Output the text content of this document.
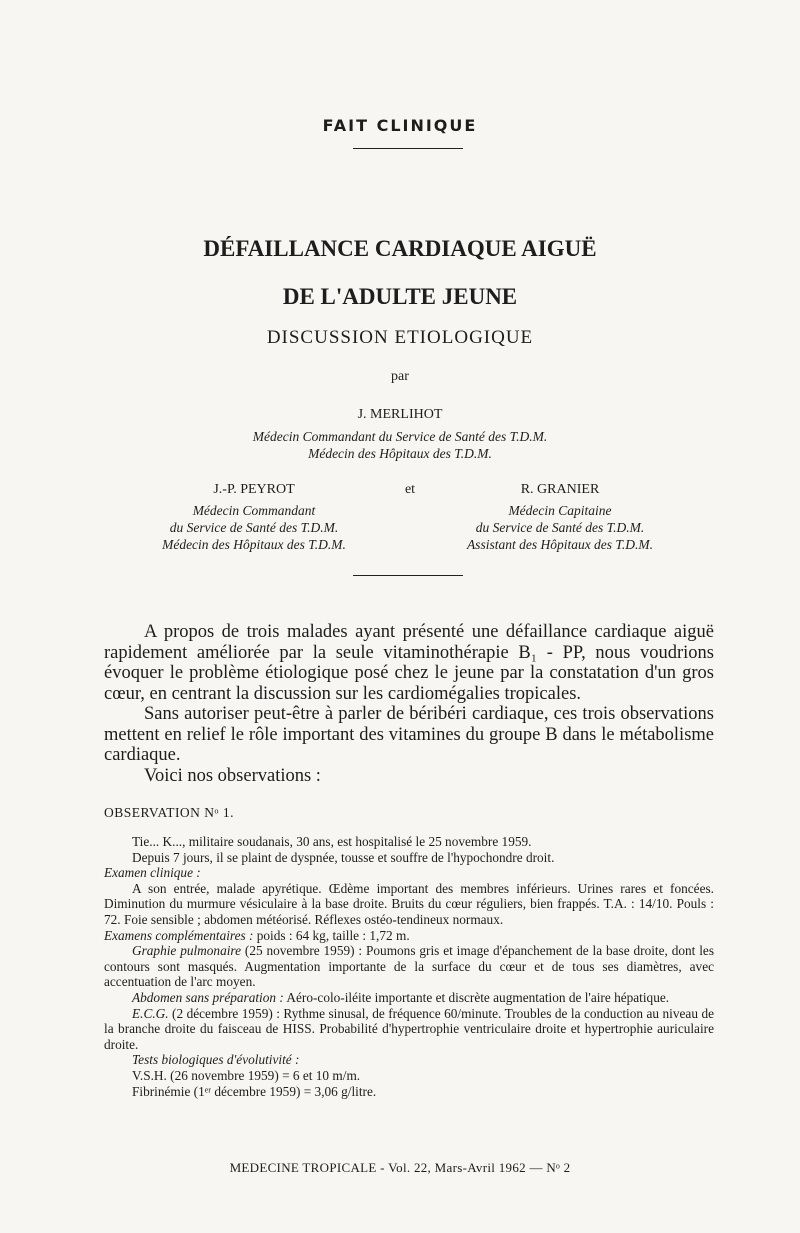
FAIT CLINIQUE
DÉFAILLANCE CARDIAQUE AIGUË
DE L'ADULTE JEUNE
DISCUSSION ETIOLOGIQUE
par
J. MERLIHOT
Médecin Commandant du Service de Santé des T.D.M.
Médecin des Hôpitaux des T.D.M.
J.-P. PEYROT
Médecin Commandant
du Service de Santé des T.D.M.
Médecin des Hôpitaux des T.D.M.
et	R. GRANIER
Médecin Capitaine
du Service de Santé des T.D.M.
Assistant des Hôpitaux des T.D.M.

A propos de trois malades ayant présenté une défaillance cardiaque aiguë rapidement améliorée par la seule vitaminothérapie B₁ - PP, nous voudrions évoquer le problème étiologique posé chez le jeune par la constatation d'un gros cœur, en centrant la discussion sur les cardiomégalies tropicales.

Sans autoriser peut-être à parler de béribéri cardiaque, ces trois observations mettent en relief le rôle important des vitamines du groupe B dans le métabolisme cardiaque.

Voici nos observations :

OBSERVATION Nᵒ 1.

Tie... K..., militaire soudanais, 30 ans, est hospitalisé le 25 novembre 1959.

Depuis 7 jours, il se plaint de dyspnée, tousse et souffre de l'hypochondre droit.

Examen clinique :

A son entrée, malade apyrétique. Œdème important des membres inférieurs. Urines rares et foncées. Diminution du murmure vésiculaire à la base droite. Bruits du cœur réguliers, bien frappés. T.A. : 14/10. Pouls : 72. Foie sensible ; abdomen météorisé. Réflexes ostéo-tendineux normaux.

Examens complémentaires : poids : 64 kg, taille : 1,72 m.

Graphie pulmonaire (25 novembre 1959) : Poumons gris et image d'épanchement de la base droite, dont les contours sont masqués. Augmentation importante de la surface du cœur et de tous ses diamètres, avec accentuation de l'arc moyen.

Abdomen sans préparation : Aéro-colo-iléite importante et discrète augmentation de l'aire hépatique.

E.C.G. (2 décembre 1959) : Rythme sinusal, de fréquence 60/minute. Troubles de la conduction au niveau de la branche droite du faisceau de HISS. Probabilité d'hypertrophie ventriculaire droite et hypertrophie auriculaire droite.

Tests biologiques d'évolutivité :

V.S.H. (26 novembre 1959) = 6 et 10 m/m.

Fibrinémie (1ᵉʳ décembre 1959) = 3,06 g/litre.

MEDECINE TROPICALE - Vol. 22, Mars-Avril 1962 — Nᵒ 2
